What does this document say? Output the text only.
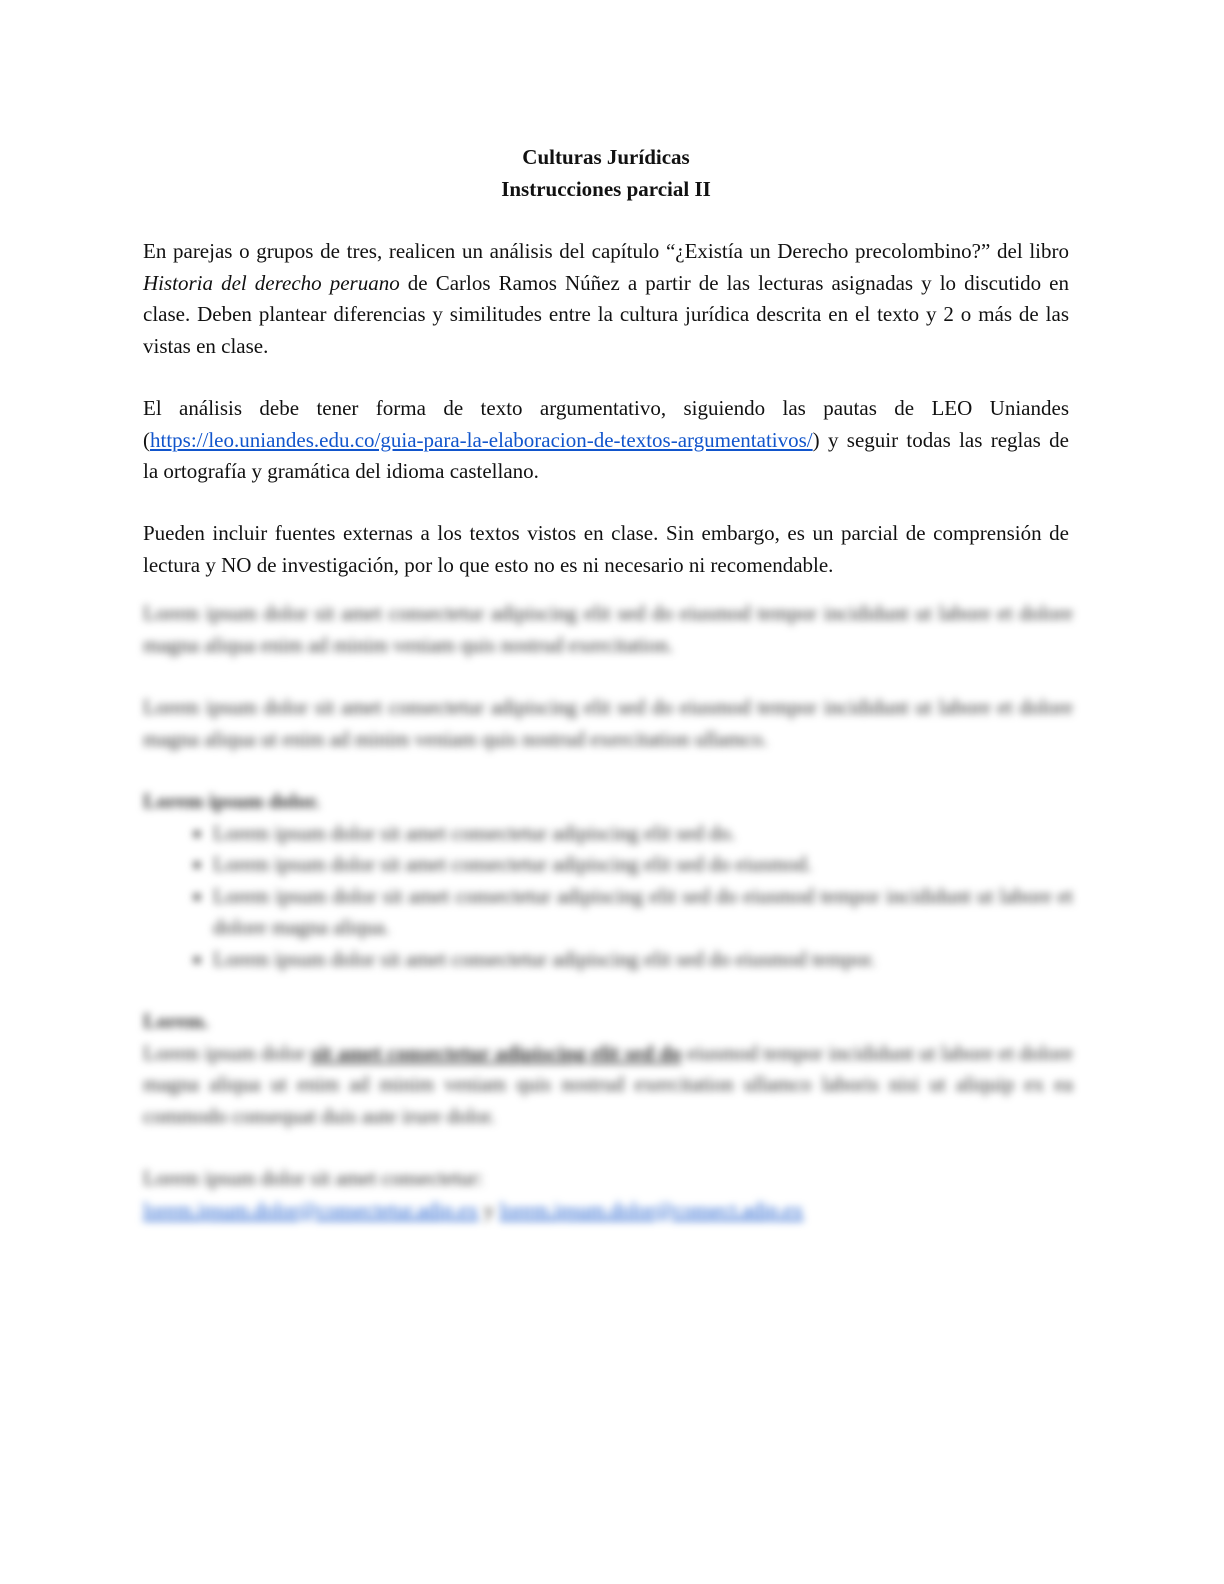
Culturas Jurídicas
Instrucciones parcial II

En parejas o grupos de tres, realicen un análisis del capítulo “¿Existía un Derecho precolombino?” del libro Historia del derecho peruano de Carlos Ramos Núñez a partir de las lecturas asignadas y lo discutido en clase. Deben plantear diferencias y similitudes entre la cultura jurídica descrita en el texto y 2 o más de las vistas en clase.

El análisis debe tener forma de texto argumentativo, siguiendo las pautas de LEO Uniandes (https://leo.uniandes.edu.co/guia-para-la-elaboracion-de-textos-argumentativos/) y seguir todas las reglas de la ortografía y gramática del idioma castellano.

Pueden incluir fuentes externas a los textos vistos en clase. Sin embargo, es un parcial de comprensión de lectura y NO de investigación, por lo que esto no es ni necesario ni recomendable.

Lorem ipsum dolor sit amet consectetur adipiscing elit sed do eiusmod tempor incididunt ut labore et dolore magna aliqua enim ad minim veniam quis nostrud exercitation.

Lorem ipsum dolor sit amet consectetur adipiscing elit sed do eiusmod tempor incididunt ut labore et dolore magna aliqua ut enim ad minim veniam quis nostrud exercitation ullamco.

Lorem ipsum dolor.

▪ Lorem ipsum dolor sit amet consectetur adipiscing elit sed do.
▪ Lorem ipsum dolor sit amet consectetur adipiscing elit sed do eiusmod.
▪ Lorem ipsum dolor sit amet consectetur adipiscing elit sed do eiusmod tempor incididunt ut labore et dolore magna aliqua.
▪ Lorem ipsum dolor sit amet consectetur adipiscing elit sed do eiusmod tempor.

Lorem.

Lorem ipsum dolor sit amet consectetur adipiscing elit sed do eiusmod tempor incididunt ut labore et dolore magna aliqua ut enim ad minim veniam quis nostrud exercitation ullamco laboris nisi ut aliquip ex ea commodo consequat duis aute irure dolor.

Lorem ipsum dolor sit amet consectetur:

lorem.ipsum.dolor@consectetur.adip.ex y lorem.ipsum.dolor@consect.adip.ex
